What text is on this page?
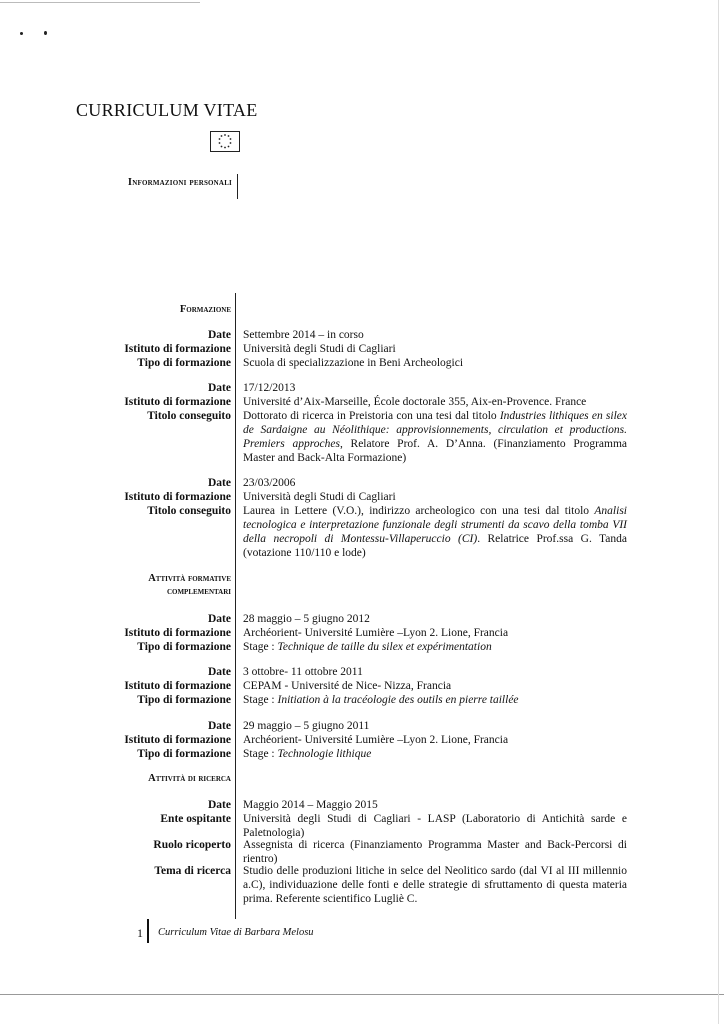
CURRICULUM VITAE
Informazioni personali
Formazione
Date Settembre 2014 – in corso
Istituto di formazione Università degli Studi di Cagliari
Tipo di formazione Scuola di specializzazione in Beni Archeologici
Date 17/12/2013
Istituto di formazione Université d’Aix-Marseille, École doctorale 355, Aix-en-Provence. France
Titolo conseguito Dottorato di ricerca in Preistoria con una tesi dal titolo Industries lithiques en silex de Sardaigne au Néolithique: approvisionnements, circulation et productions. Premiers approches, Relatore Prof. A. D’Anna. (Finanziamento Programma Master and Back-Alta Formazione)
Date 23/03/2006
Istituto di formazione Università degli Studi di Cagliari
Titolo conseguito Laurea in Lettere (V.O.), indirizzo archeologico con una tesi dal titolo Analisi tecnologica e interpretazione funzionale degli strumenti da scavo della tomba VII della necropoli di Montessu-Villaperuccio (CI). Relatrice Prof.ssa G. Tanda (votazione 110/110 e lode)
Attività formative
complementari
Date 28 maggio – 5 giugno 2012
Istituto di formazione Archéorient- Université Lumière –Lyon 2. Lione, Francia
Tipo di formazione Stage : Technique de taille du silex et expérimentation
Date 3 ottobre- 11 ottobre 2011
Istituto di formazione CEPAM - Université de Nice- Nizza, Francia
Tipo di formazione Stage : Initiation à la tracéologie des outils en pierre taillée
Date 29 maggio – 5 giugno 2011
Istituto di formazione Archéorient- Université Lumière –Lyon 2. Lione, Francia
Tipo di formazione Stage : Technologie lithique
Attività di ricerca
Date Maggio 2014 – Maggio 2015
Ente ospitante Università degli Studi di Cagliari - LASP (Laboratorio di Antichità sarde e Paletnologia)
Ruolo ricoperto Assegnista di ricerca (Finanziamento Programma Master and Back-Percorsi di rientro)
Tema di ricerca Studio delle produzioni litiche in selce del Neolitico sardo (dal VI al III millennio a.C), individuazione delle fonti e delle strategie di sfruttamento di questa materia prima. Referente scientifico Lugliè C.
1 Curriculum Vitae di Barbara Melosu
